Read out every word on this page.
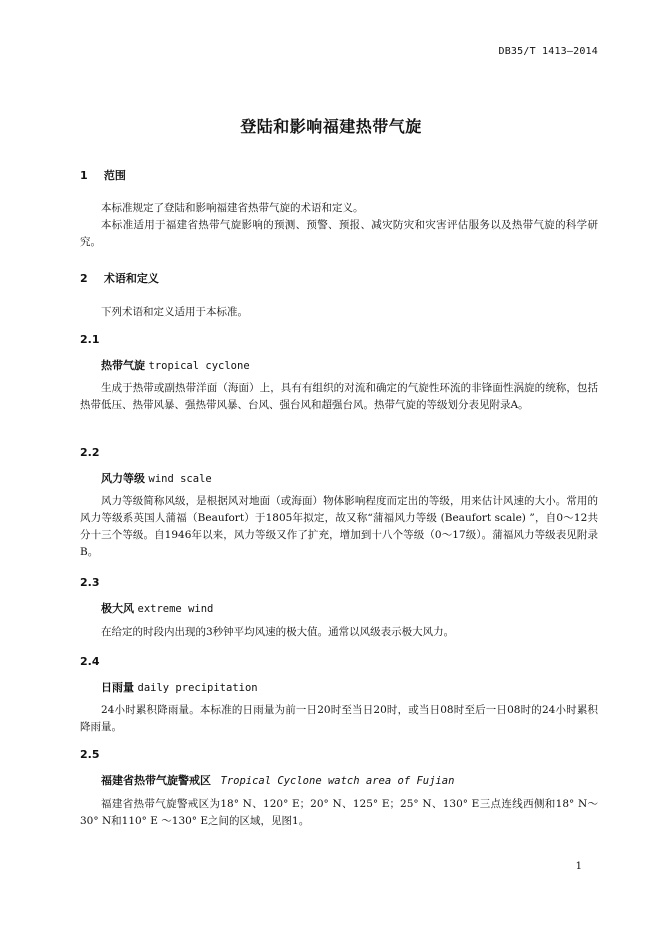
DB35/T 1413—2014
登陆和影响福建热带气旋
1 范围

本标准规定了登陆和影响福建省热带气旋的术语和定义。

本标准适用于福建省热带气旋影响的预测、预警、预报、减灾防灾和灾害评估服务以及热带气旋的科学研究。

2 术语和定义

下列术语和定义适用于本标准。

2.1
热带气旋 tropical cyclone

生成于热带或副热带洋面（海面）上，具有有组织的对流和确定的气旋性环流的非锋面性涡旋的统称，包括热带低压、热带风暴、强热带风暴、台风、强台风和超强台风。热带气旋的等级划分表见附录A。

2.2
风力等级 wind scale

风力等级简称风级，是根据风对地面（或海面）物体影响程度而定出的等级，用来估计风速的大小。常用的风力等级系英国人蒲福（Beaufort）于1805年拟定，故又称“蒲福风力等级 (Beaufort scale) ”，自0～12共分十三个等级。自1946年以来，风力等级又作了扩充，增加到十八个等级（0～17级）。蒲福风力等级表见附录B。

2.3
极大风 extreme wind

在给定的时段内出现的3秒钟平均风速的极大值。通常以风级表示极大风力。

2.4
日雨量 daily precipitation

24小时累积降雨量。本标准的日雨量为前一日20时至当日20时，或当日08时至后一日08时的24小时累积降雨量。

2.5
福建省热带气旋警戒区 Tropical Cyclone watch area of Fujian

福建省热带气旋警戒区为18° N、120° E；20° N、125° E；25° N、130° E三点连线西侧和18° N～30° N和110° E ～130° E之间的区域，见图1。

1
